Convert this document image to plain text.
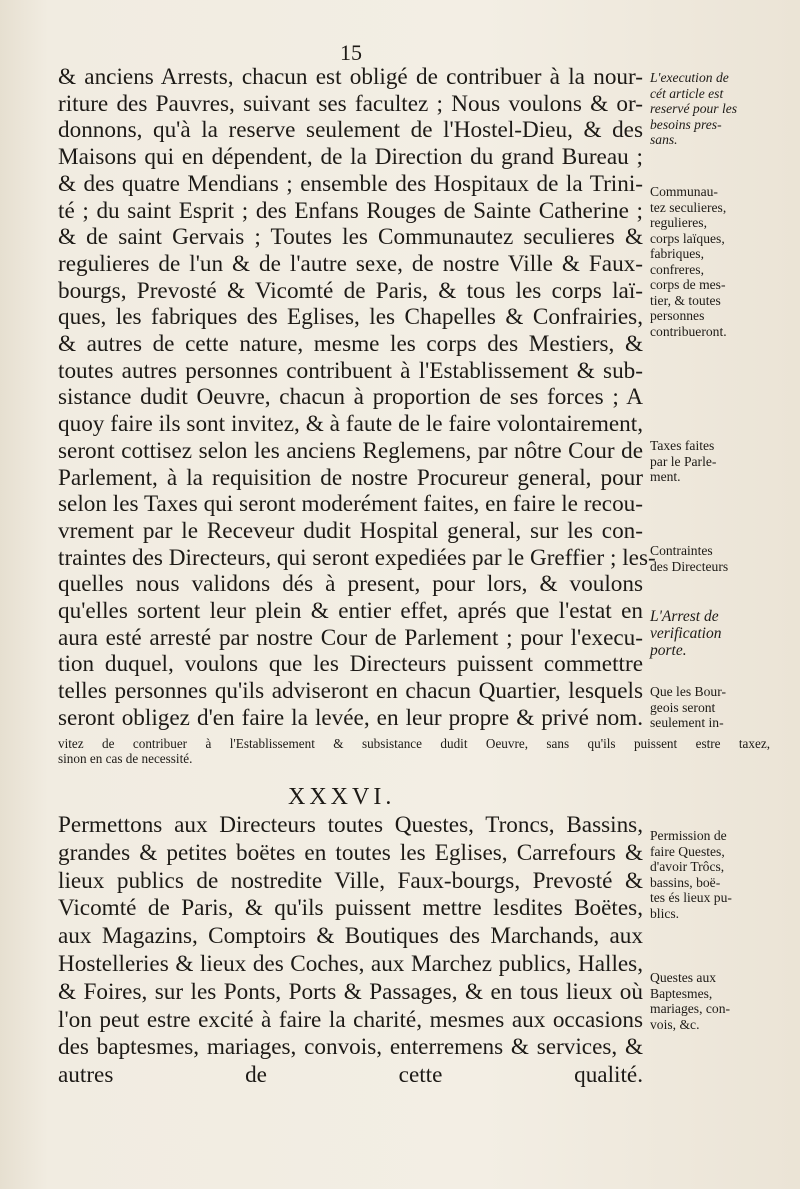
15
& anciens Arrests, chacun est obligé de contribuer à la nour-
riture des Pauvres, suivant ses facultez ; Nous voulons & or-
donnons, qu'à la reserve seulement de l'Hostel-Dieu, & des
Maisons qui en dépendent, de la Direction du grand Bureau ;
& des quatre Mendians ; ensemble des Hospitaux de la Trini-
té ; du saint Esprit ; des Enfans Rouges de Sainte Catherine ;
& de saint Gervais ; Toutes les Communautez seculieres &
regulieres de l'un & de l'autre sexe, de nostre Ville & Faux-
bourgs, Prevosté & Vicomté de Paris, & tous les corps laï-
ques, les fabriques des Eglises, les Chapelles & Confrairies,
& autres de cette nature, mesme les corps des Mestiers, &
toutes autres personnes contribuent à l'Establissement & sub-
sistance dudit Oeuvre, chacun à proportion de ses forces ; A
quoy faire ils sont invitez, & à faute de le faire volontairement,
seront cottisez selon les anciens Reglemens, par nôtre Cour de
Parlement, à la requisition de nostre Procureur general, pour
selon les Taxes qui seront moderément faites, en faire le recou-
vrement par le Receveur dudit Hospital general, sur les con-
traintes des Directeurs, qui seront expediées par le Greffier ; les-
quelles nous validons dés à present, pour lors, & voulons
qu'elles sortent leur plein & entier effet, aprés que l'estat en
aura esté arresté par nostre Cour de Parlement ; pour l'execu-
tion duquel, voulons que les Directeurs puissent commettre
telles personnes qu'ils adviseront en chacun Quartier, lesquels
seront obligez d'en faire la levée, en leur propre & privé nom.
vitez de contribuer à l'Establissement & subsistance dudit Oeuvre, sans qu'ils puissent estre taxez,
sinon en cas de necessité.
XXXVI.
Permettons aux Directeurs toutes Questes, Troncs, Bassins,
grandes & petites boëtes en toutes les Eglises, Carrefours &
lieux publics de nostredite Ville, Faux-bourgs, Prevosté &
Vicomté de Paris, & qu'ils puissent mettre lesdites Boëtes,
aux Magazins, Comptoirs & Boutiques des Marchands, aux
Hostelleries & lieux des Coches, aux Marchez publics, Halles,
& Foires, sur les Ponts, Ports & Passages, & en tous lieux où
l'on peut estre excité à faire la charité, mesmes aux occasions
des baptesmes, mariages, convois, enterremens & services, &
autres de cette qualité.
L'execution de
cét article est
reservé pour les
besoins pres-
sans.
Communau-
tez seculieres,
regulieres,
corps laïques,
fabriques,
confreres,
corps de mes-
tier, & toutes
personnes
contribueront.
Taxes faites
par le Parle-
ment.
Contraintes
des Directeurs
L'Arrest de
verification
porte.
Que les Bour-
geois seront
seulement in-
Permission de
faire Questes,
d'avoir Trôcs,
bassins, boë-
tes és lieux pu-
blics.
Questes aux
Baptesmes,
mariages, con-
vois, &c.
